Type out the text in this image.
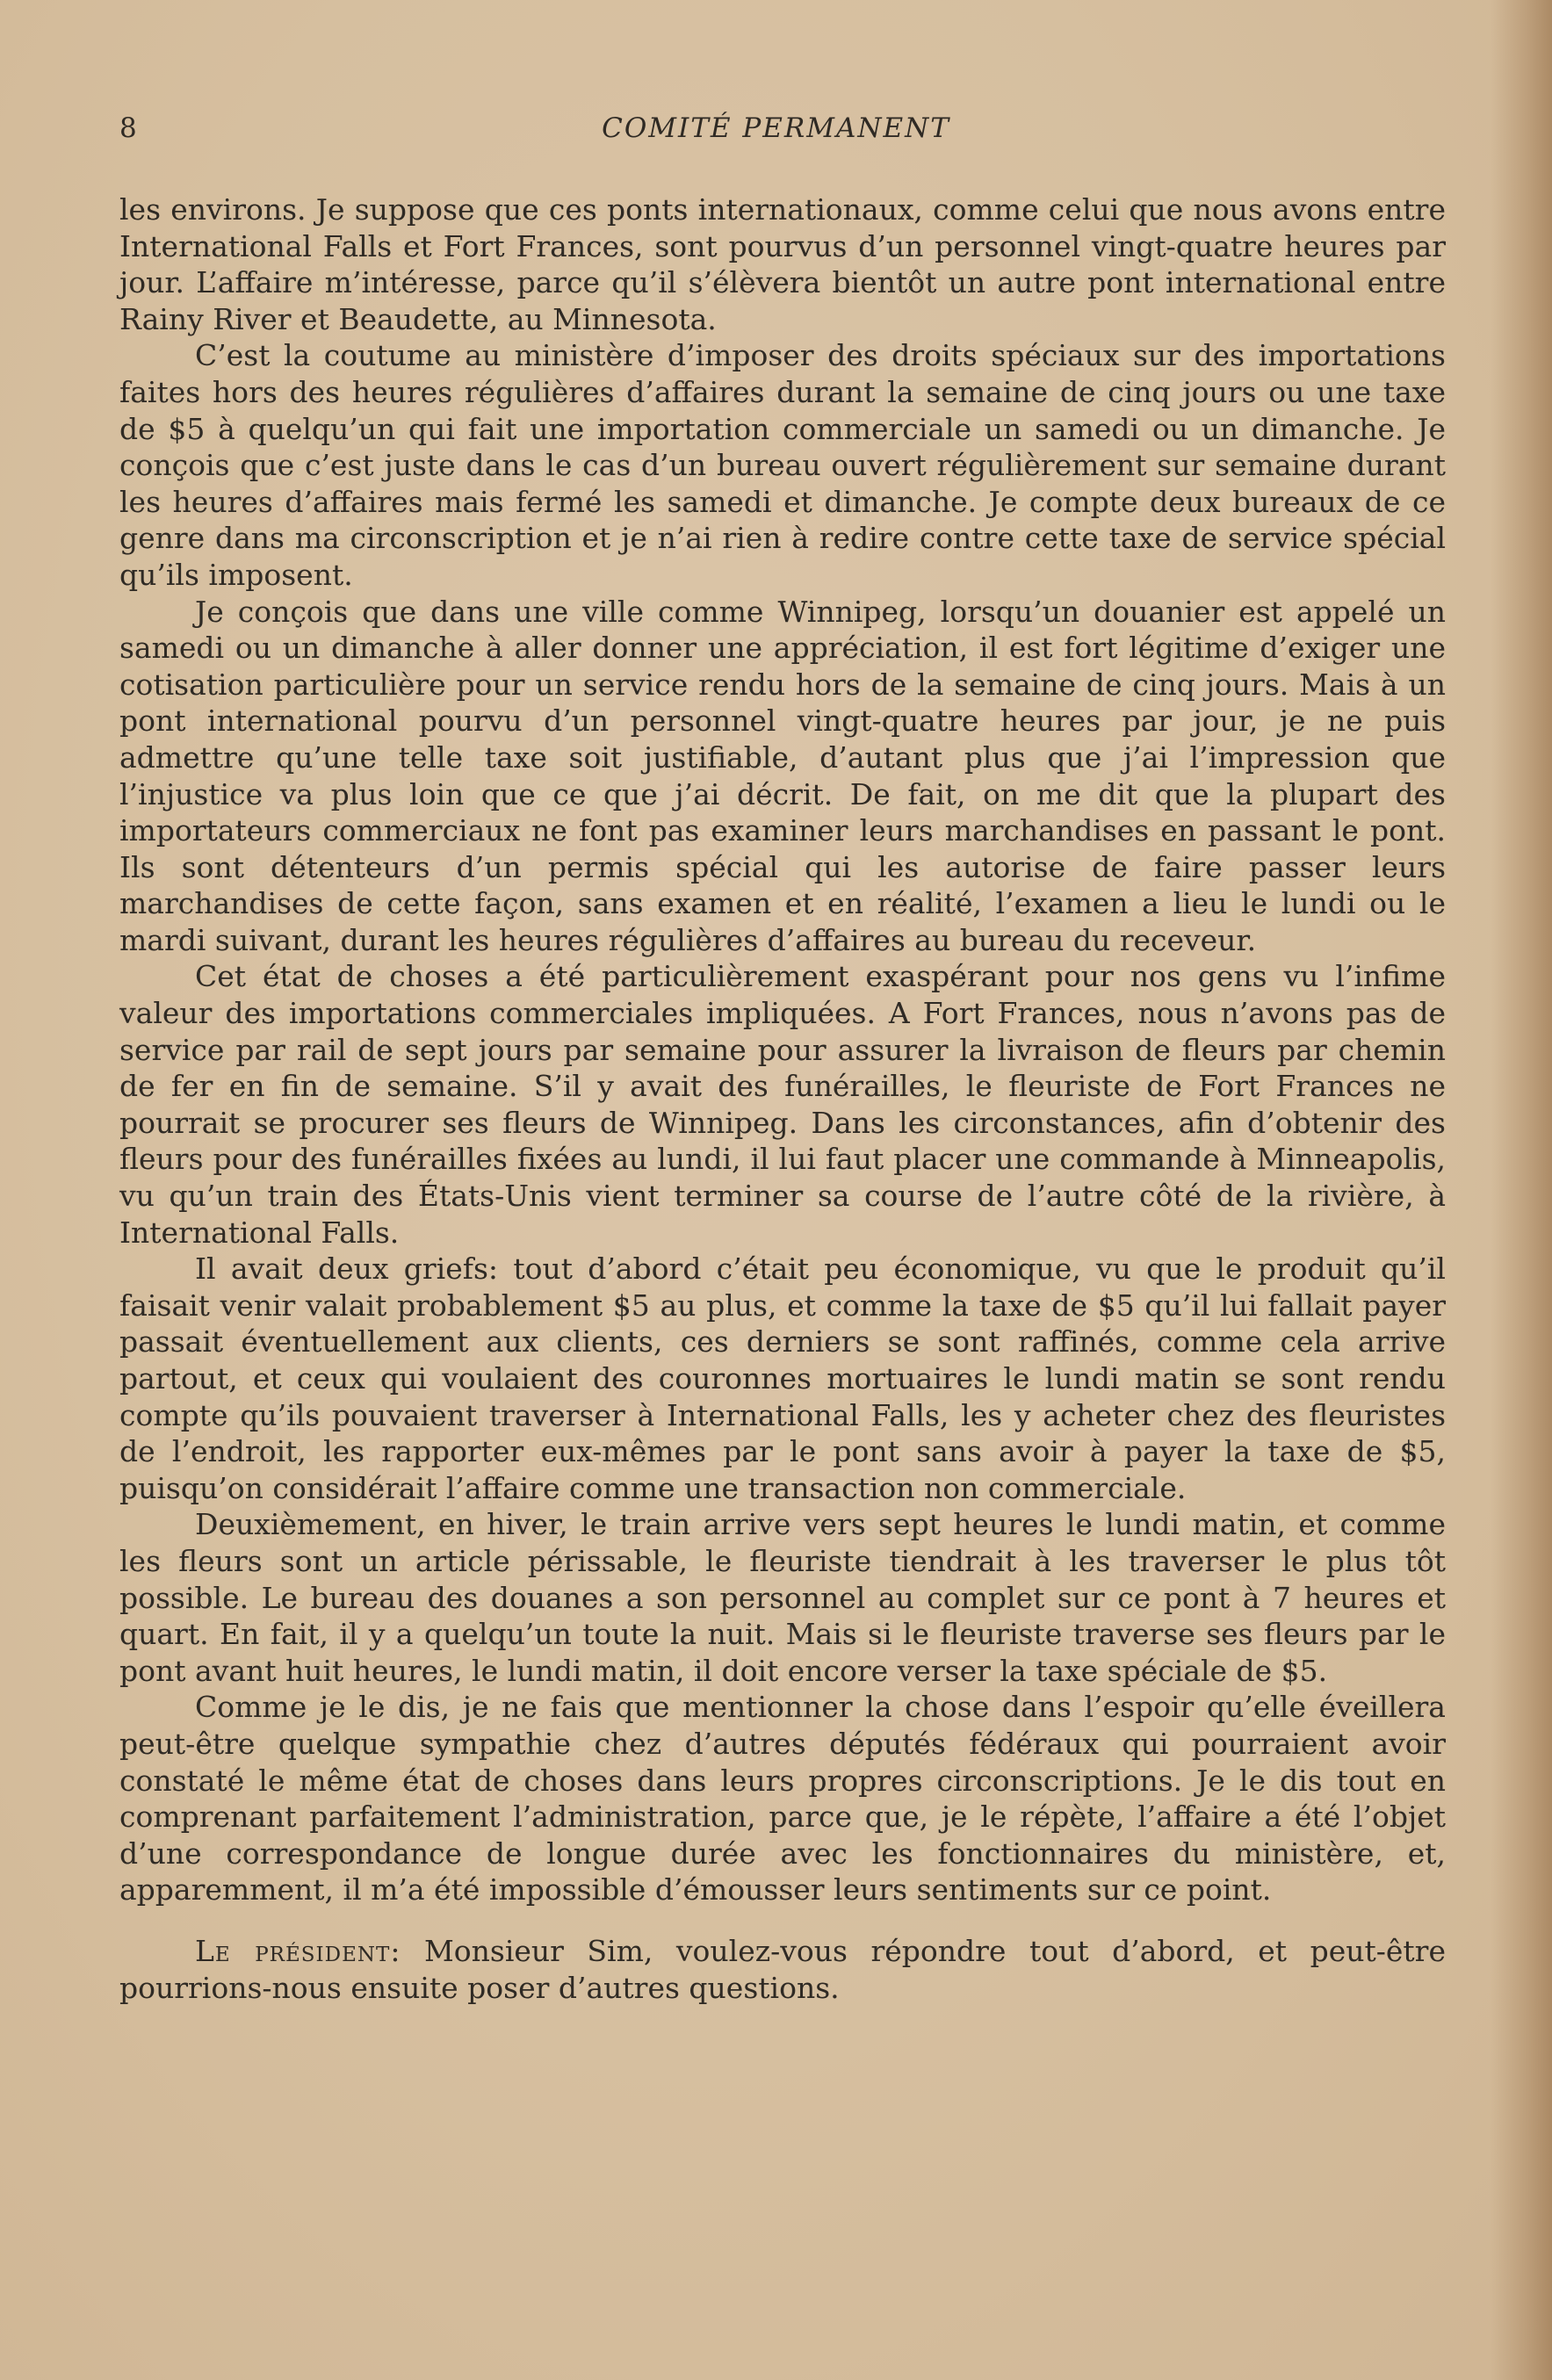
8	COMITÉ PERMANENT

les environs. Je suppose que ces ponts internationaux, comme celui que nous avons entre International Falls et Fort Frances, sont pourvus d’un personnel vingt-quatre heures par jour. L’affaire m’intéresse, parce qu’il s’élèvera bientôt un autre pont international entre Rainy River et Beaudette, au Minnesota.

C’est la coutume au ministère d’imposer des droits spéciaux sur des importations faites hors des heures régulières d’affaires durant la semaine de cinq jours ou une taxe de $5 à quelqu’un qui fait une importation commerciale un samedi ou un dimanche. Je conçois que c’est juste dans le cas d’un bureau ouvert régulièrement sur semaine durant les heures d’affaires mais fermé les samedi et dimanche. Je compte deux bureaux de ce genre dans ma circonscription et je n’ai rien à redire contre cette taxe de service spécial qu’ils imposent.

Je conçois que dans une ville comme Winnipeg, lorsqu’un douanier est appelé un samedi ou un dimanche à aller donner une appréciation, il est fort légitime d’exiger une cotisation particulière pour un service rendu hors de la semaine de cinq jours. Mais à un pont international pourvu d’un personnel vingt-quatre heures par jour, je ne puis admettre qu’une telle taxe soit justifiable, d’autant plus que j’ai l’impression que l’injustice va plus loin que ce que j’ai décrit. De fait, on me dit que la plupart des importateurs commerciaux ne font pas examiner leurs marchandises en passant le pont. Ils sont détenteurs d’un permis spécial qui les autorise de faire passer leurs marchandises de cette façon, sans examen et en réalité, l’examen a lieu le lundi ou le mardi suivant, durant les heures régulières d’affaires au bureau du receveur.

Cet état de choses a été particulièrement exaspérant pour nos gens vu l’infime valeur des importations commerciales impliquées. A Fort Frances, nous n’avons pas de service par rail de sept jours par semaine pour assurer la livraison de fleurs par chemin de fer en fin de semaine. S’il y avait des funérailles, le fleuriste de Fort Frances ne pourrait se procurer ses fleurs de Winnipeg. Dans les circonstances, afin d’obtenir des fleurs pour des funérailles fixées au lundi, il lui faut placer une commande à Minneapolis, vu qu’un train des États-Unis vient terminer sa course de l’autre côté de la rivière, à International Falls.

Il avait deux griefs: tout d’abord c’était peu économique, vu que le produit qu’il faisait venir valait probablement $5 au plus, et comme la taxe de $5 qu’il lui fallait payer passait éventuellement aux clients, ces derniers se sont raffinés, comme cela arrive partout, et ceux qui voulaient des couronnes mortuaires le lundi matin se sont rendu compte qu’ils pouvaient traverser à International Falls, les y acheter chez des fleuristes de l’endroit, les rapporter eux-mêmes par le pont sans avoir à payer la taxe de $5, puisqu’on considérait l’affaire comme une transaction non commerciale.

Deuxièmement, en hiver, le train arrive vers sept heures le lundi matin, et comme les fleurs sont un article périssable, le fleuriste tiendrait à les traverser le plus tôt possible. Le bureau des douanes a son personnel au complet sur ce pont à 7 heures et quart. En fait, il y a quelqu’un toute la nuit. Mais si le fleuriste traverse ses fleurs par le pont avant huit heures, le lundi matin, il doit encore verser la taxe spéciale de $5.

Comme je le dis, je ne fais que mentionner la chose dans l’espoir qu’elle éveillera peut-être quelque sympathie chez d’autres députés fédéraux qui pourraient avoir constaté le même état de choses dans leurs propres circonscriptions. Je le dis tout en comprenant parfaitement l’administration, parce que, je le répète, l’affaire a été l’objet d’une correspondance de longue durée avec les fonctionnaires du ministère, et, apparemment, il m’a été impossible d’émousser leurs sentiments sur ce point.

Le président: Monsieur Sim, voulez-vous répondre tout d’abord, et peut-être pourrions-nous ensuite poser d’autres questions.
